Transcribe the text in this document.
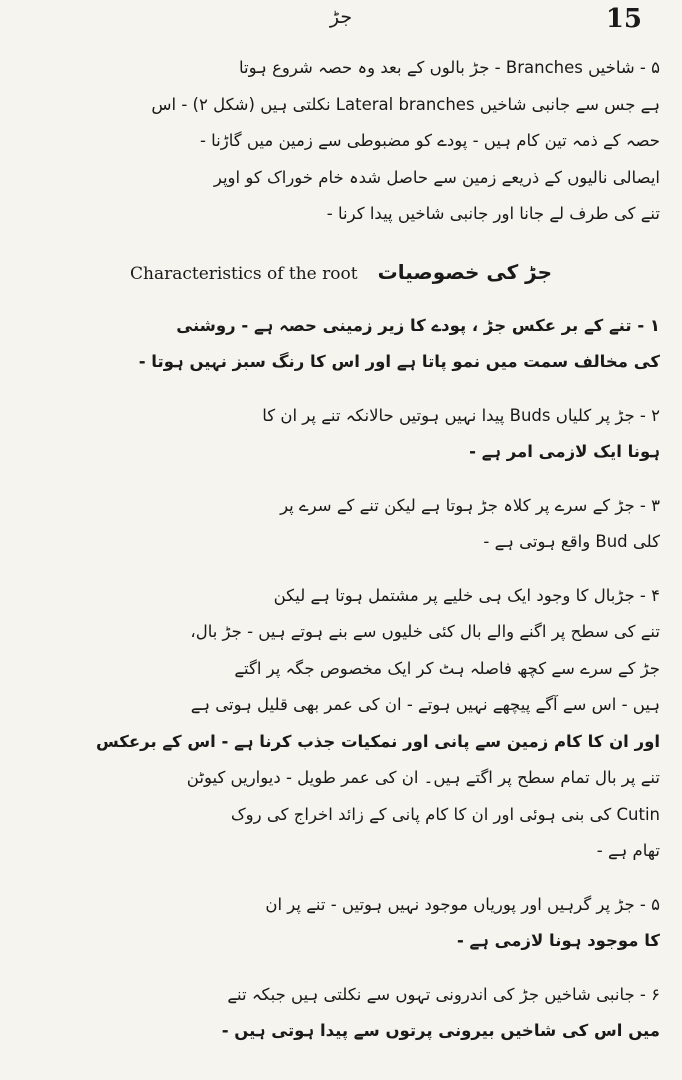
جڑ	15
۵ - شاخیں Branches - جڑ بالوں کے بعد وہ حصہ شروع ہوتا
ہے جس سے جانبی شاخیں Lateral branches نکلتی ہیں (شکل ۲) - اس
حصہ کے ذمہ تین کام ہیں - پودے کو مضبوطی سے زمین میں گاڑنا -
ایصالی نالیوں کے ذریعے زمین سے حاصل شدہ خام خوراک کو اوپر
تنے کی طرف لے جانا اور جانبی شاخیں پیدا کرنا -
جڑ کی خصوصیات Characteristics of the root
۱ - تنے کے بر عکس جڑ ، پودے کا زیر زمینی حصہ ہے - روشنی
کی مخالف سمت میں نمو پاتا ہے اور اس کا رنگ سبز نہیں ہوتا -
۲ - جڑ پر کلیاں Buds پیدا نہیں ہوتیں حالانکہ تنے پر ان کا
ہونا ایک لازمی امر ہے -
۳ - جڑ کے سرے پر کلاہ جڑ ہوتا ہے لیکن تنے کے سرے پر
کلی Bud واقع ہوتی ہے -
۴ - جڑبال کا وجود ایک ہی خلیے پر مشتمل ہوتا ہے لیکن
تنے کی سطح پر اگنے والے بال کئی خلیوں سے بنے ہوتے ہیں - جڑ بال،
جڑ کے سرے سے کچھ فاصلہ ہٹ کر ایک مخصوص جگہ پر اگتے
ہیں - اس سے آگے پیچھے نہیں ہوتے - ان کی عمر بھی قلیل ہوتی ہے
اور ان کا کام زمین سے پانی اور نمکیات جذب کرنا ہے - اس کے برعکس
تنے پر بال تمام سطح پر اگتے ہیں۔ ان کی عمر طویل - دیواریں کیوٹن
Cutin کی بنی ہوئی اور ان کا کام پانی کے زائد اخراج کی روک
تھام ہے -
۵ - جڑ پر گرہیں اور پوریاں موجود نہیں ہوتیں - تنے پر ان
کا موجود ہونا لازمی ہے -
۶ - جانبی شاخیں جڑ کی اندرونی تہوں سے نکلتی ہیں جبکہ تنے
میں اس کی شاخیں بیرونی پرتوں سے پیدا ہوتی ہیں -
